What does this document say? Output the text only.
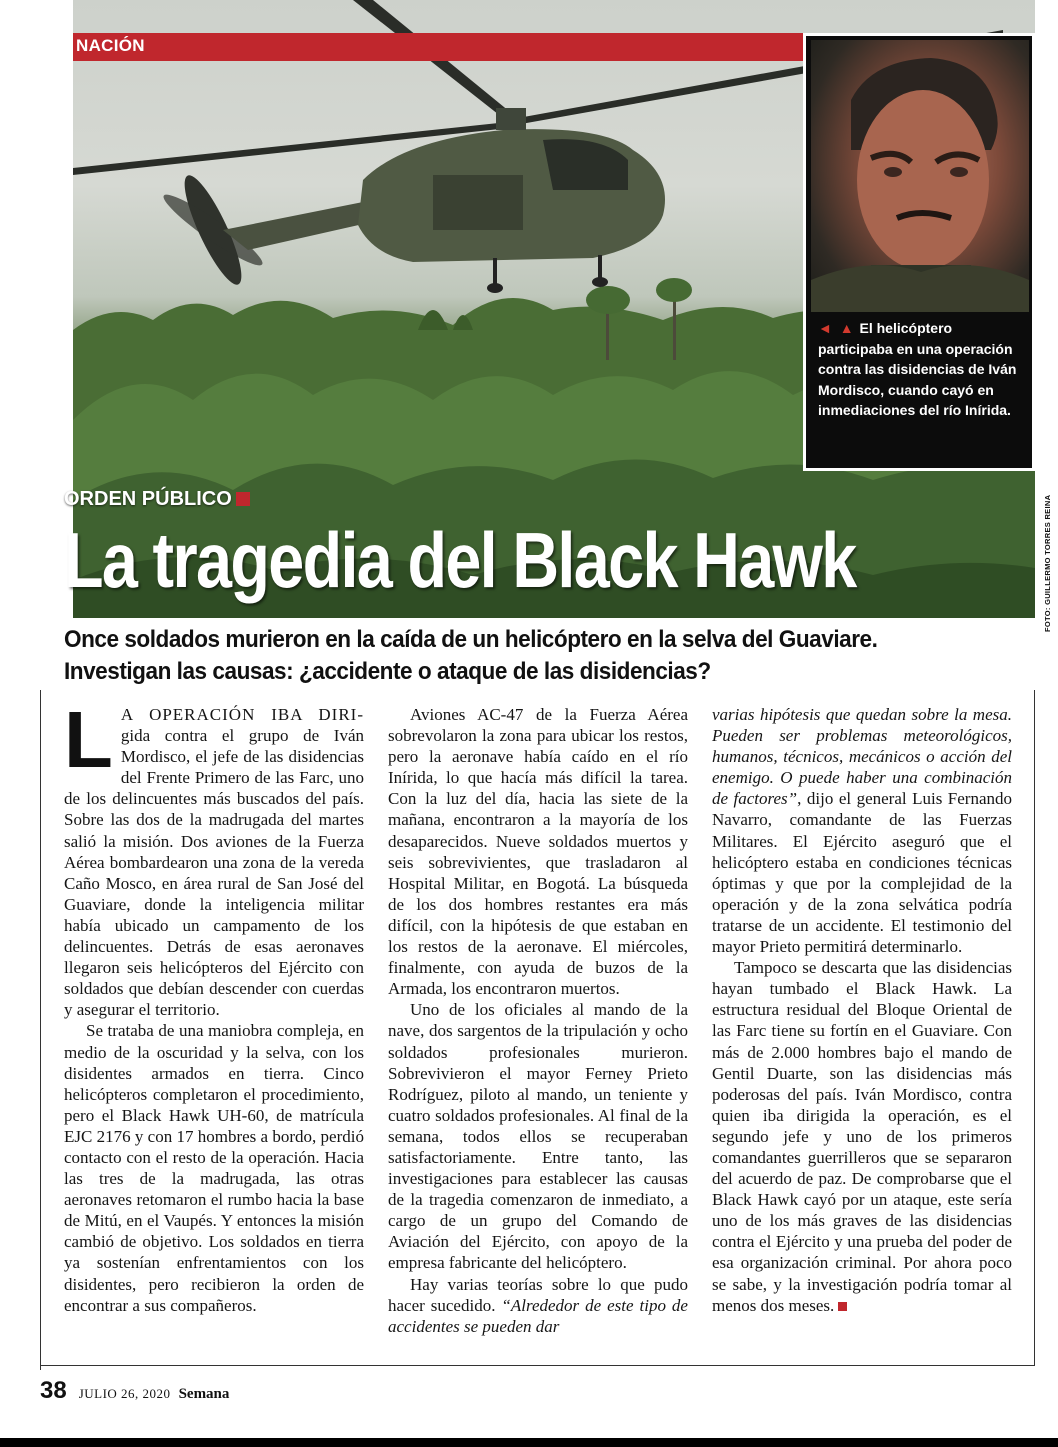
NACIÓN
◄ ▲ El helicóptero participaba en una operación contra las disidencias de Iván Mordisco, cuando cayó en inmediaciones del río Inírida.
ORDEN PÚBLICO
La tragedia del Black Hawk	FOTO: GUILLERMO TORRES REINA
Once soldados murieron en la caída de un helicóptero en la selva del Guaviare.
Investigan las causas: ¿accidente o ataque de las disidencias?

L A OPERACIÓN IBA DIRI- gida contra el grupo de Iván Mordisco, el jefe de las disidencias del Frente Primero de las Farc, uno de los delincuentes más buscados del país. Sobre las dos de la madrugada del martes salió la misión. Dos aviones de la Fuerza Aérea bombardearon una zona de la vereda Caño Mosco, en área rural de San José del Guaviare, donde la inteligencia militar había ubicado un campamento de los delincuentes. Detrás de esas aeronaves llegaron seis helicópteros del Ejército con soldados que debían descender con cuerdas y asegurar el territorio.

Se trataba de una maniobra compleja, en medio de la oscuridad y la selva, con los disidentes armados en tierra. Cinco helicópteros completaron el procedimiento, pero el Black Hawk UH-60, de matrícula EJC 2176 y con 17 hombres a bordo, perdió contacto con el resto de la operación. Hacia las tres de la madrugada, las otras aeronaves retomaron el rumbo hacia la base de Mitú, en el Vaupés. Y entonces la misión cambió de objetivo. Los soldados en tierra ya sostenían enfrentamientos con los disidentes, pero recibieron la orden de encontrar a sus compañeros.

Aviones AC-47 de la Fuerza Aérea sobrevolaron la zona para ubicar los restos, pero la aeronave había caído en el río Inírida, lo que hacía más difícil la tarea. Con la luz del día, hacia las siete de la mañana, encontraron a la mayoría de los desaparecidos. Nueve soldados muertos y seis sobrevivientes, que trasladaron al Hospital Militar, en Bogotá. La búsqueda de los dos hombres restantes era más difícil, con la hipótesis de que estaban en los restos de la aeronave. El miércoles, finalmente, con ayuda de buzos de la Armada, los encontraron muertos.

Uno de los oficiales al mando de la nave, dos sargentos de la tripulación y ocho soldados profesionales murieron. Sobrevivieron el mayor Ferney Prieto Rodríguez, piloto al mando, un teniente y cuatro soldados profesionales. Al final de la semana, todos ellos se recuperaban satisfactoriamente. Entre tanto, las investigaciones para establecer las causas de la tragedia comenzaron de inmediato, a cargo de un grupo del Comando de Aviación del Ejército, con apoyo de la empresa fabricante del helicóptero.

Hay varias teorías sobre lo que pudo hacer sucedido. “Alrededor de este tipo de accidentes se pueden dar

varias hipótesis que quedan sobre la mesa. Pueden ser problemas meteorológicos, humanos, técnicos, mecánicos o acción del enemigo. O puede haber una combinación de factores”, dijo el general Luis Fernando Navarro, comandante de las Fuerzas Militares. El Ejército aseguró que el helicóptero estaba en condiciones técnicas óptimas y que por la complejidad de la operación y de la zona selvática podría tratarse de un accidente. El testimonio del mayor Prieto permitirá determinarlo.

Tampoco se descarta que las disidencias hayan tumbado el Black Hawk. La estructura residual del Bloque Oriental de las Farc tiene su fortín en el Guaviare. Con más de 2.000 hombres bajo el mando de Gentil Duarte, son las disidencias más poderosas del país. Iván Mordisco, contra quien iba dirigida la operación, es el segundo jefe y uno de los primeros comandantes guerrilleros que se separaron del acuerdo de paz. De comprobarse que el Black Hawk cayó por un ataque, este sería uno de los más graves de las disidencias contra el Ejército y una prueba del poder de esa organización criminal. Por ahora poco se sabe, y la investigación podría tomar al menos dos meses.

38 JULIO 26, 2020 Semana
